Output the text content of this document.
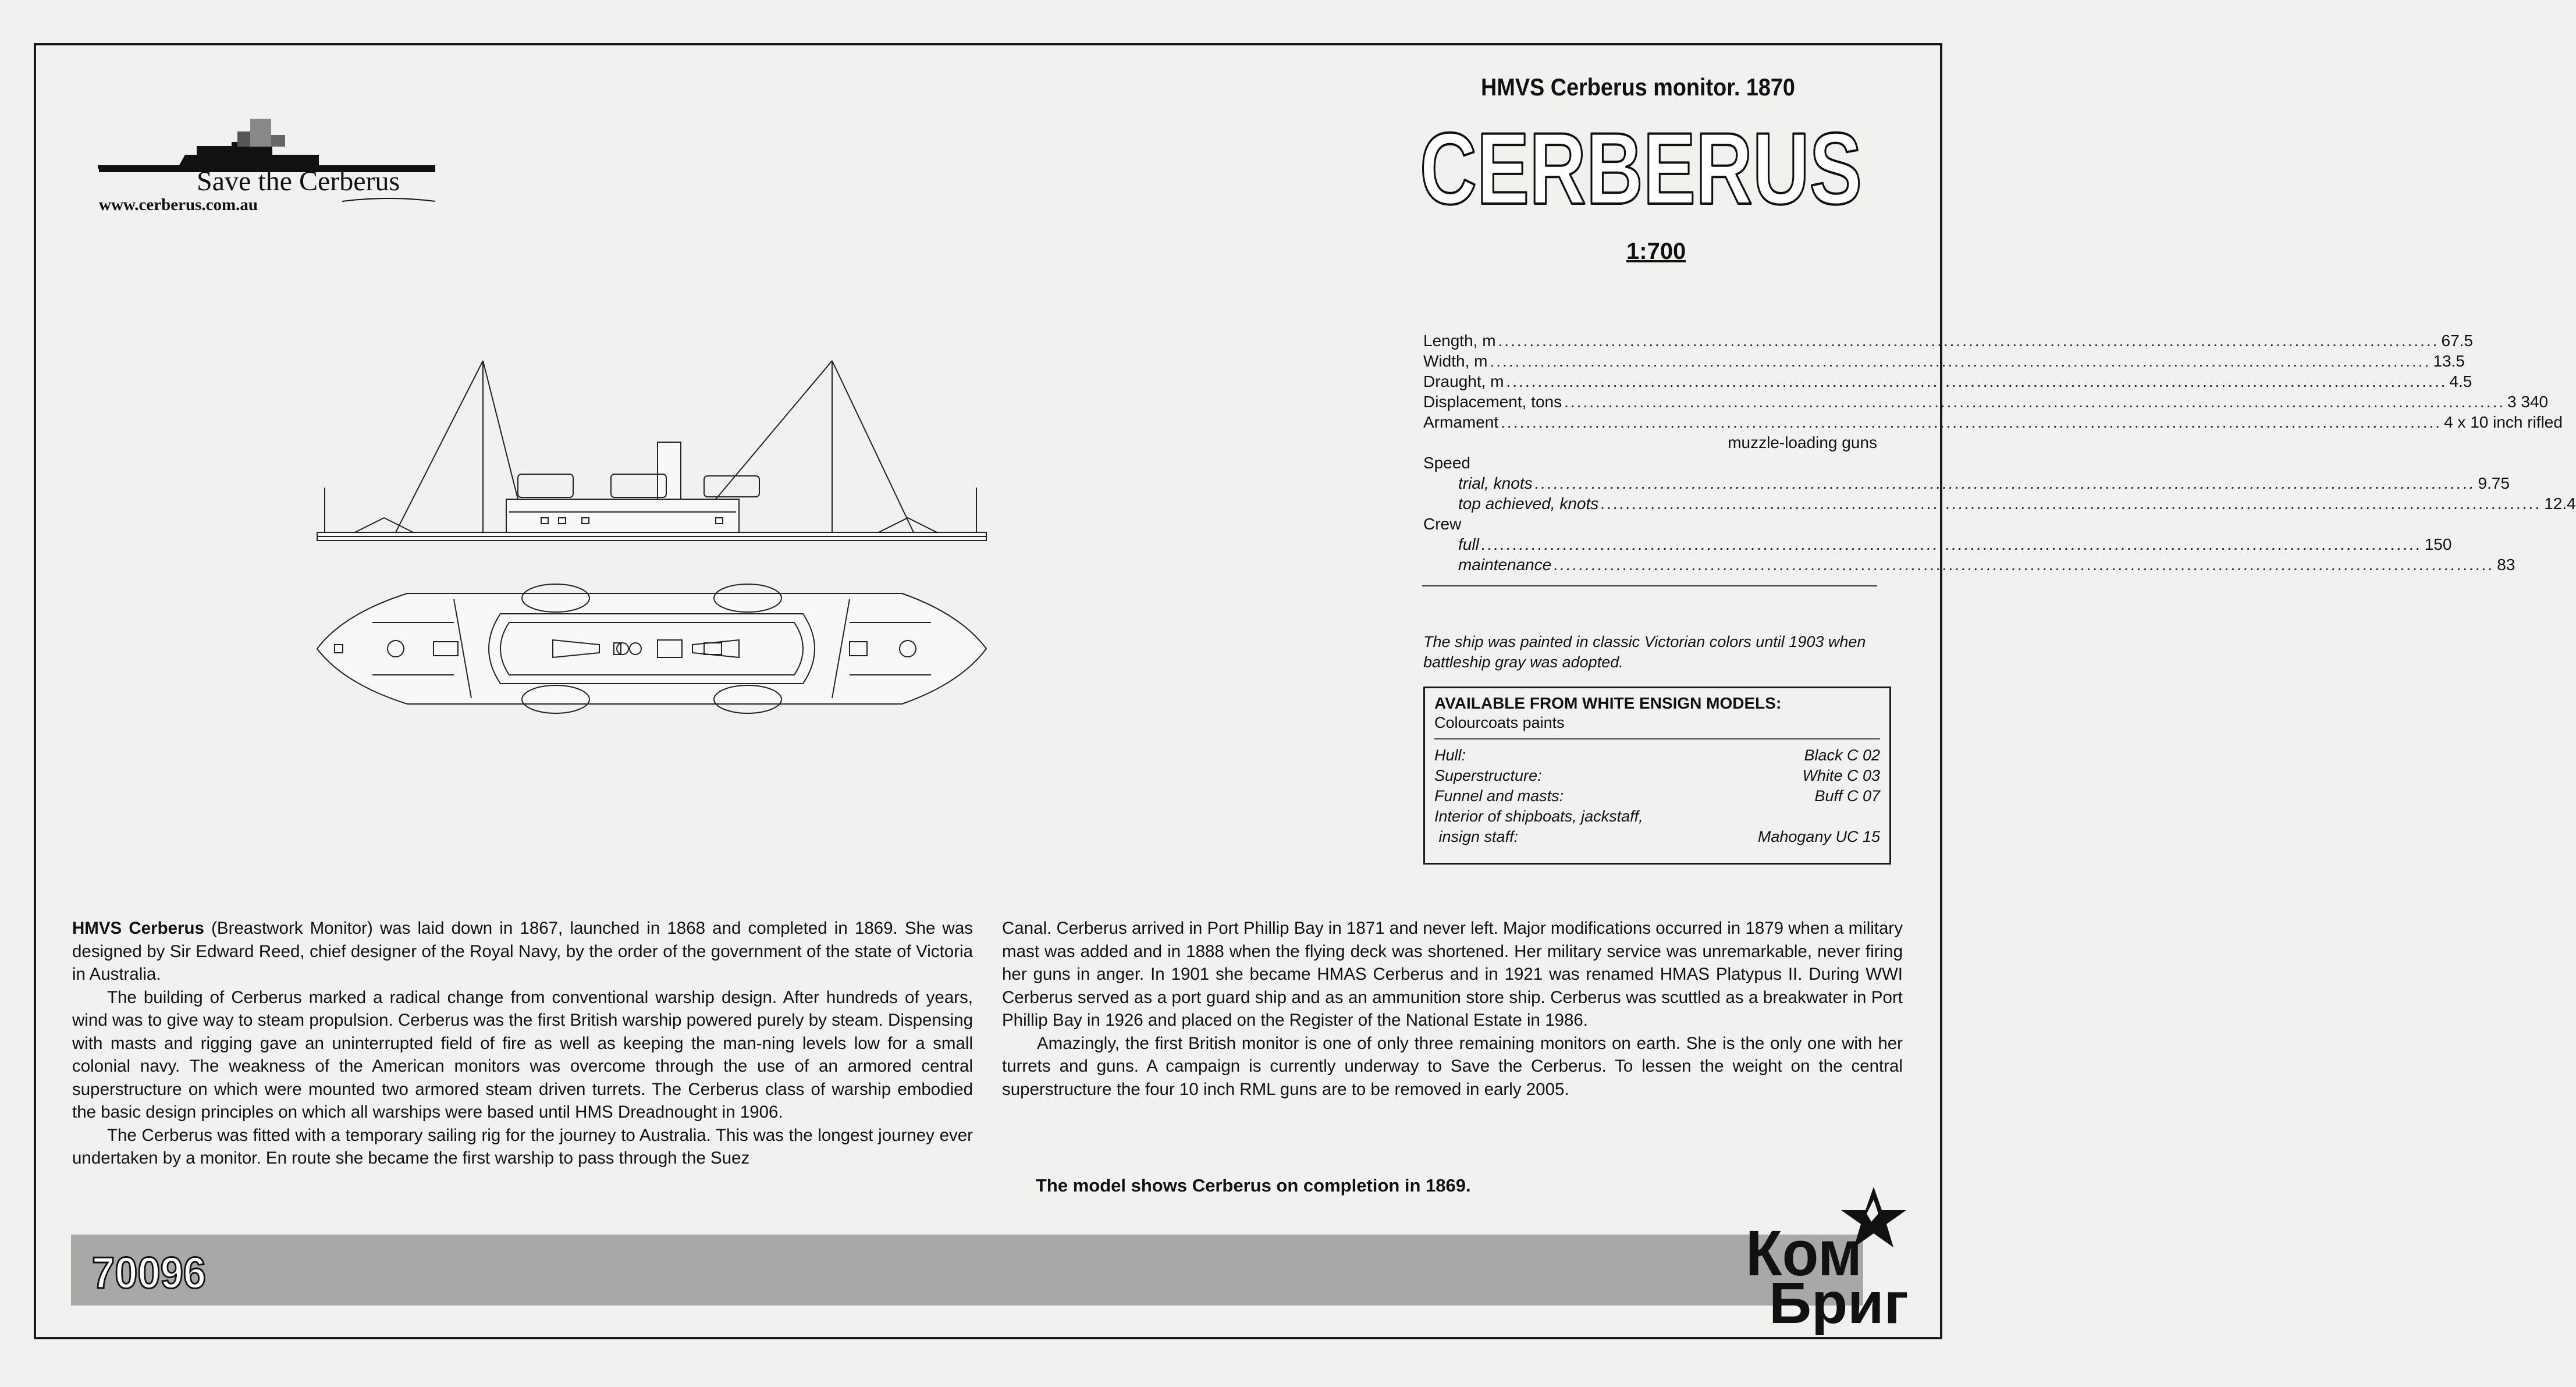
Save the Cerberus
www.cerberus.com.au
HMVS Cerberus monitor. 1870
CERBERUS
1:700
Length, m .....	67.5
Width, m .....	13.5
Draught, m .....	4.5
Displacement, tons .....	3 340
Armament .....	4 x 10 inch rifled
muzzle-loading guns
Speed
trial, knots .....	9.75
top achieved, knots .....	12.4
Crew
full .....	150
maintenance .....	83
The ship was painted in classic Victorian colors until 1903 when battleship gray was adopted.
AVAILABLE FROM WHITE ENSIGN MODELS:
Colourcoats paints
Hull:	Black C 02
Superstructure:	White C 03
Funnel and masts:	Buff C 07
Interior of shipboats, jackstaff,
insign staff:	Mahogany UC 15

HMVS Cerberus (Breastwork Monitor) was laid down in 1867, launched in 1868 and completed in 1869. She was designed by Sir Edward Reed, chief designer of the Royal Navy, by the order of the government of the state of Victoria in Australia.

The building of Cerberus marked a radical change from conventional warship design. After hundreds of years, wind was to give way to steam propulsion. Cerberus was the first British warship powered purely by steam. Dispensing with masts and rigging gave an uninterrupted field of fire as well as keeping the man-ning levels low for a small colonial navy. The weakness of the American monitors was overcome through the use of an armored central superstructure on which were mounted two armored steam driven turrets. The Cerberus class of warship embodied the basic design principles on which all warships were based until HMS Dreadnought in 1906.

The Cerberus was fitted with a temporary sailing rig for the journey to Australia. This was the longest journey ever undertaken by a monitor. En route she became the first warship to pass through the Suez

Canal. Cerberus arrived in Port Phillip Bay in 1871 and never left. Major modifications occurred in 1879 when a military mast was added and in 1888 when the flying deck was shortened. Her military service was unremarkable, never firing her guns in anger. In 1901 she became HMAS Cerberus and in 1921 was renamed HMAS Platypus II. During WWI Cerberus served as a port guard ship and as an ammunition store ship. Cerberus was scuttled as a breakwater in Port Phillip Bay in 1926 and placed on the Register of the National Estate in 1986.

Amazingly, the first British monitor is one of only three remaining monitors on earth. She is the only one with her turrets and guns. A campaign is currently underway to Save the Cerberus. To lessen the weight on the central superstructure the four 10 inch RML guns are to be removed in early 2005.

The model shows Cerberus on completion in 1869.
70096	Ком
Бриг
